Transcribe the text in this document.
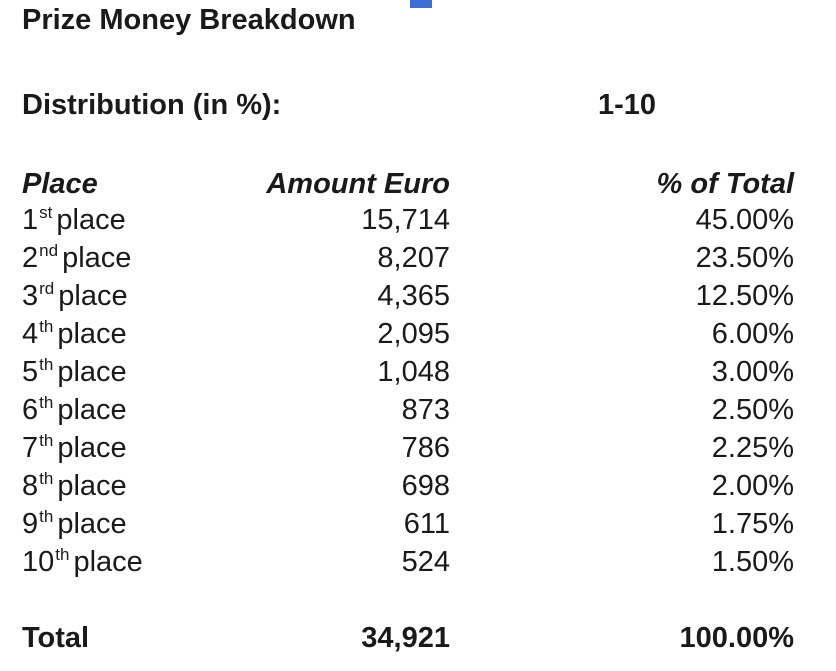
Prize Money Breakdown
Distribution (in %):	1-10
Place	Amount Euro	% of Total
1st place	15,714	45.00%
2nd place	8,207	23.50%
3rd place	4,365	12.50%
4th place	2,095	6.00%
5th place	1,048	3.00%
6th place	873	2.50%
7th place	786	2.25%
8th place	698	2.00%
9th place	611	1.75%
10th place	524	1.50%
Total	34,921	100.00%
